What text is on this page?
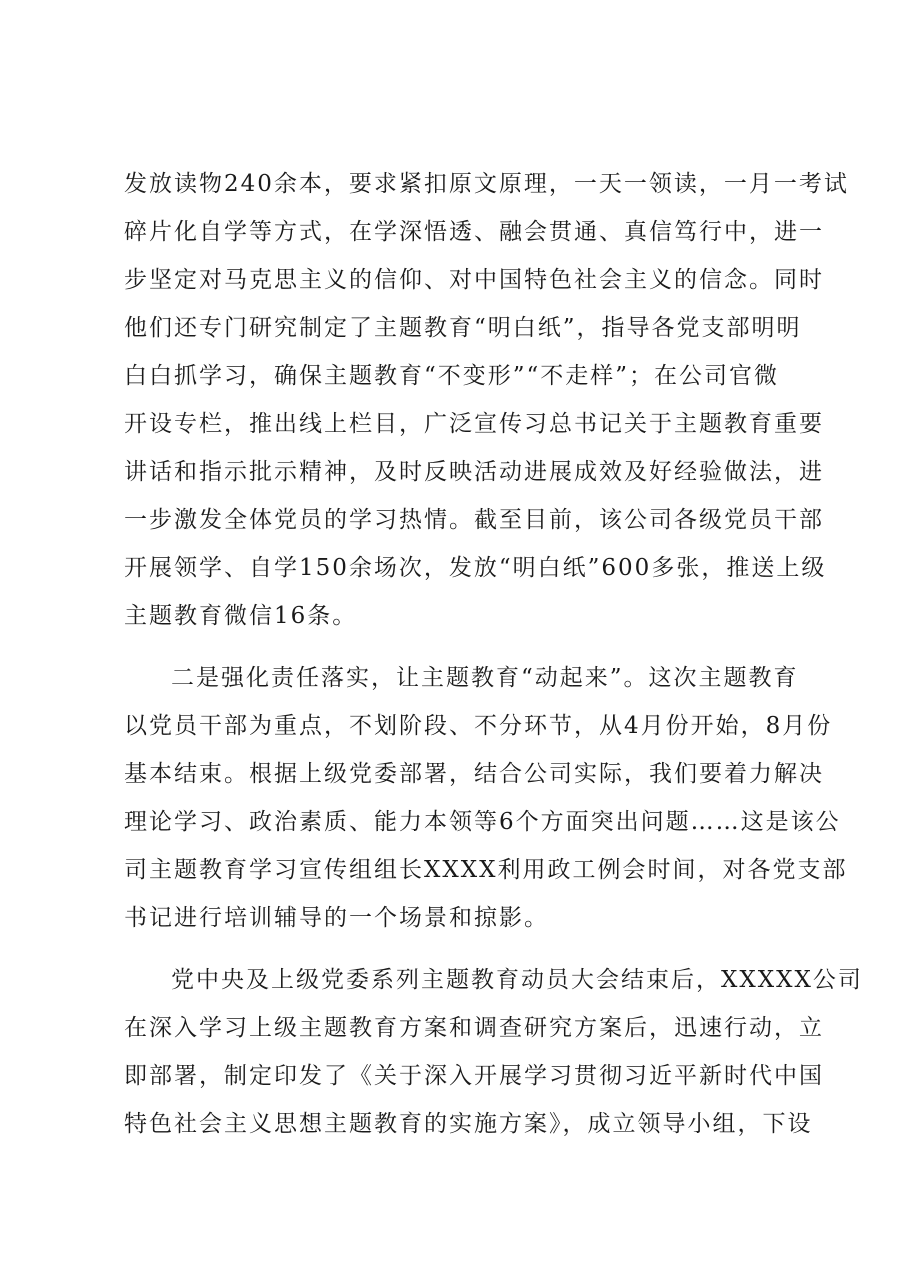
发放读物240余本，要求紧扣原文原理，一天一领读，一月一考试
碎片化自学等方式，在学深悟透、融会贯通、真信笃行中，进一
步坚定对马克思主义的信仰、对中国特色社会主义的信念。同时
他们还专门研究制定了主题教育“明白纸”，指导各党支部明明
白白抓学习，确保主题教育“不变形”“不走样”；在公司官微
开设专栏，推出线上栏目，广泛宣传习总书记关于主题教育重要
讲话和指示批示精神，及时反映活动进展成效及好经验做法，进
一步激发全体党员的学习热情。截至目前，该公司各级党员干部
开展领学、自学150余场次，发放“明白纸”600多张，推送上级
主题教育微信16条。
二是强化责任落实，让主题教育“动起来”。这次主题教育
以党员干部为重点，不划阶段、不分环节，从4月份开始，8月份
基本结束。根据上级党委部署，结合公司实际，我们要着力解决
理论学习、政治素质、能力本领等6个方面突出问题……这是该公
司主题教育学习宣传组组长XXXX利用政工例会时间，对各党支部
书记进行培训辅导的一个场景和掠影。
党中央及上级党委系列主题教育动员大会结束后，XXXXX公司
在深入学习上级主题教育方案和调查研究方案后，迅速行动，立
即部署，制定印发了《关于深入开展学习贯彻习近平新时代中国
特色社会主义思想主题教育的实施方案》，成立领导小组，下设
